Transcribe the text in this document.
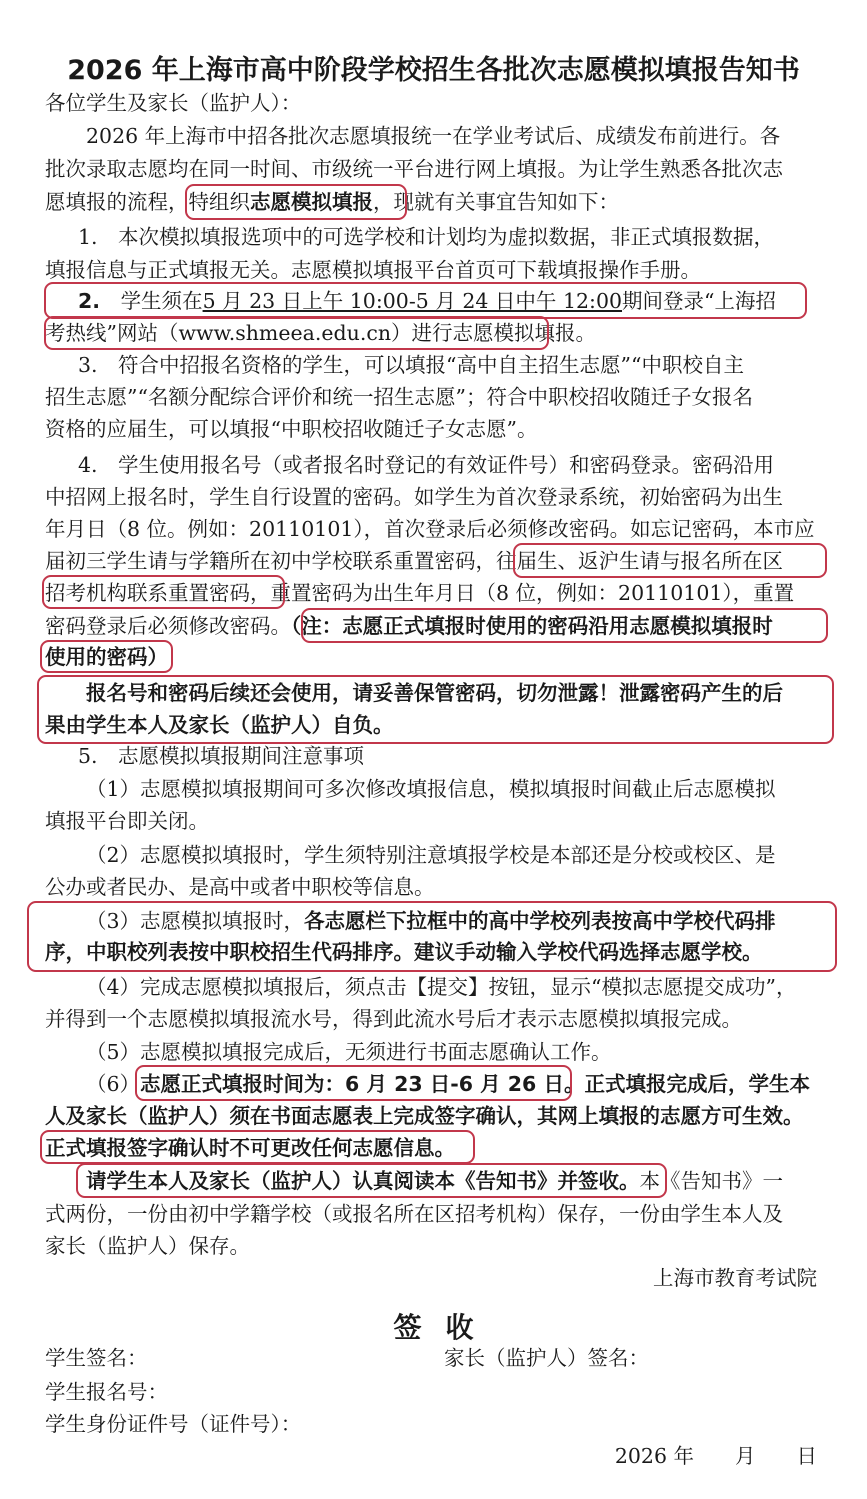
2026 年上海市高中阶段学校招生各批次志愿模拟填报告知书
各位学生及家长（监护人）：
2026 年上海市中招各批次志愿填报统一在学业考试后、成绩发布前进行。各
批次录取志愿均在同一时间、市级统一平台进行网上填报。为让学生熟悉各批次志
愿填报的流程，特组织志愿模拟填报，现就有关事宜告知如下：
1.　本次模拟填报选项中的可选学校和计划均为虚拟数据，非正式填报数据，
填报信息与正式填报无关。志愿模拟填报平台首页可下载填报操作手册。
2.　 学生须在5 月 23 日上午 10:00-5 月 24 日中午 12:00期间登录“上海招
考热线”网站（www.shmeea.edu.cn）进行志愿模拟填报。
3.　符合中招报名资格的学生，可以填报“高中自主招生志愿”“中职校自主
招生志愿”“名额分配综合评价和统一招生志愿”；符合中职校招收随迁子女报名
资格的应届生，可以填报“中职校招收随迁子女志愿”。
4.　学生使用报名号（或者报名时登记的有效证件号）和密码登录。密码沿用
中招网上报名时，学生自行设置的密码。如学生为首次登录系统，初始密码为出生
年月日（8 位。例如：20110101），首次登录后必须修改密码。如忘记密码，本市应
届初三学生请与学籍所在初中学校联系重置密码，往届生、返沪生请与报名所在区
招考机构联系重置密码，重置密码为出生年月日（8 位，例如：20110101），重置
密码登录后必须修改密码。（注：志愿正式填报时使用的密码沿用志愿模拟填报时
使用的密码）
报名号和密码后续还会使用，请妥善保管密码，切勿泄露！泄露密码产生的后
果由学生本人及家长（监护人）自负。
5.　志愿模拟填报期间注意事项
（1）志愿模拟填报期间可多次修改填报信息，模拟填报时间截止后志愿模拟
填报平台即关闭。
（2）志愿模拟填报时，学生须特别注意填报学校是本部还是分校或校区、是
公办或者民办、是高中或者中职校等信息。
（3）志愿模拟填报时，各志愿栏下拉框中的高中学校列表按高中学校代码排
序，中职校列表按中职校招生代码排序。建议手动输入学校代码选择志愿学校。
（4）完成志愿模拟填报后，须点击【提交】按钮，显示“模拟志愿提交成功”，
并得到一个志愿模拟填报流水号，得到此流水号后才表示志愿模拟填报完成。
（5）志愿模拟填报完成后，无须进行书面志愿确认工作。
（6）志愿正式填报时间为：6 月 23 日-6 月 26 日。正式填报完成后，学生本
人及家长（监护人）须在书面志愿表上完成签字确认，其网上填报的志愿方可生效。
正式填报签字确认时不可更改任何志愿信息。
请学生本人及家长（监护人）认真阅读本《告知书》并签收。本《告知书》一
式两份，一份由初中学籍学校（或报名所在区招考机构）保存，一份由学生本人及
家长（监护人）保存。
上海市教育考试院
签收
学生签名：	家长（监护人）签名：
学生报名号：
学生身份证件号（证件号）：
2026 年　　月　　日
